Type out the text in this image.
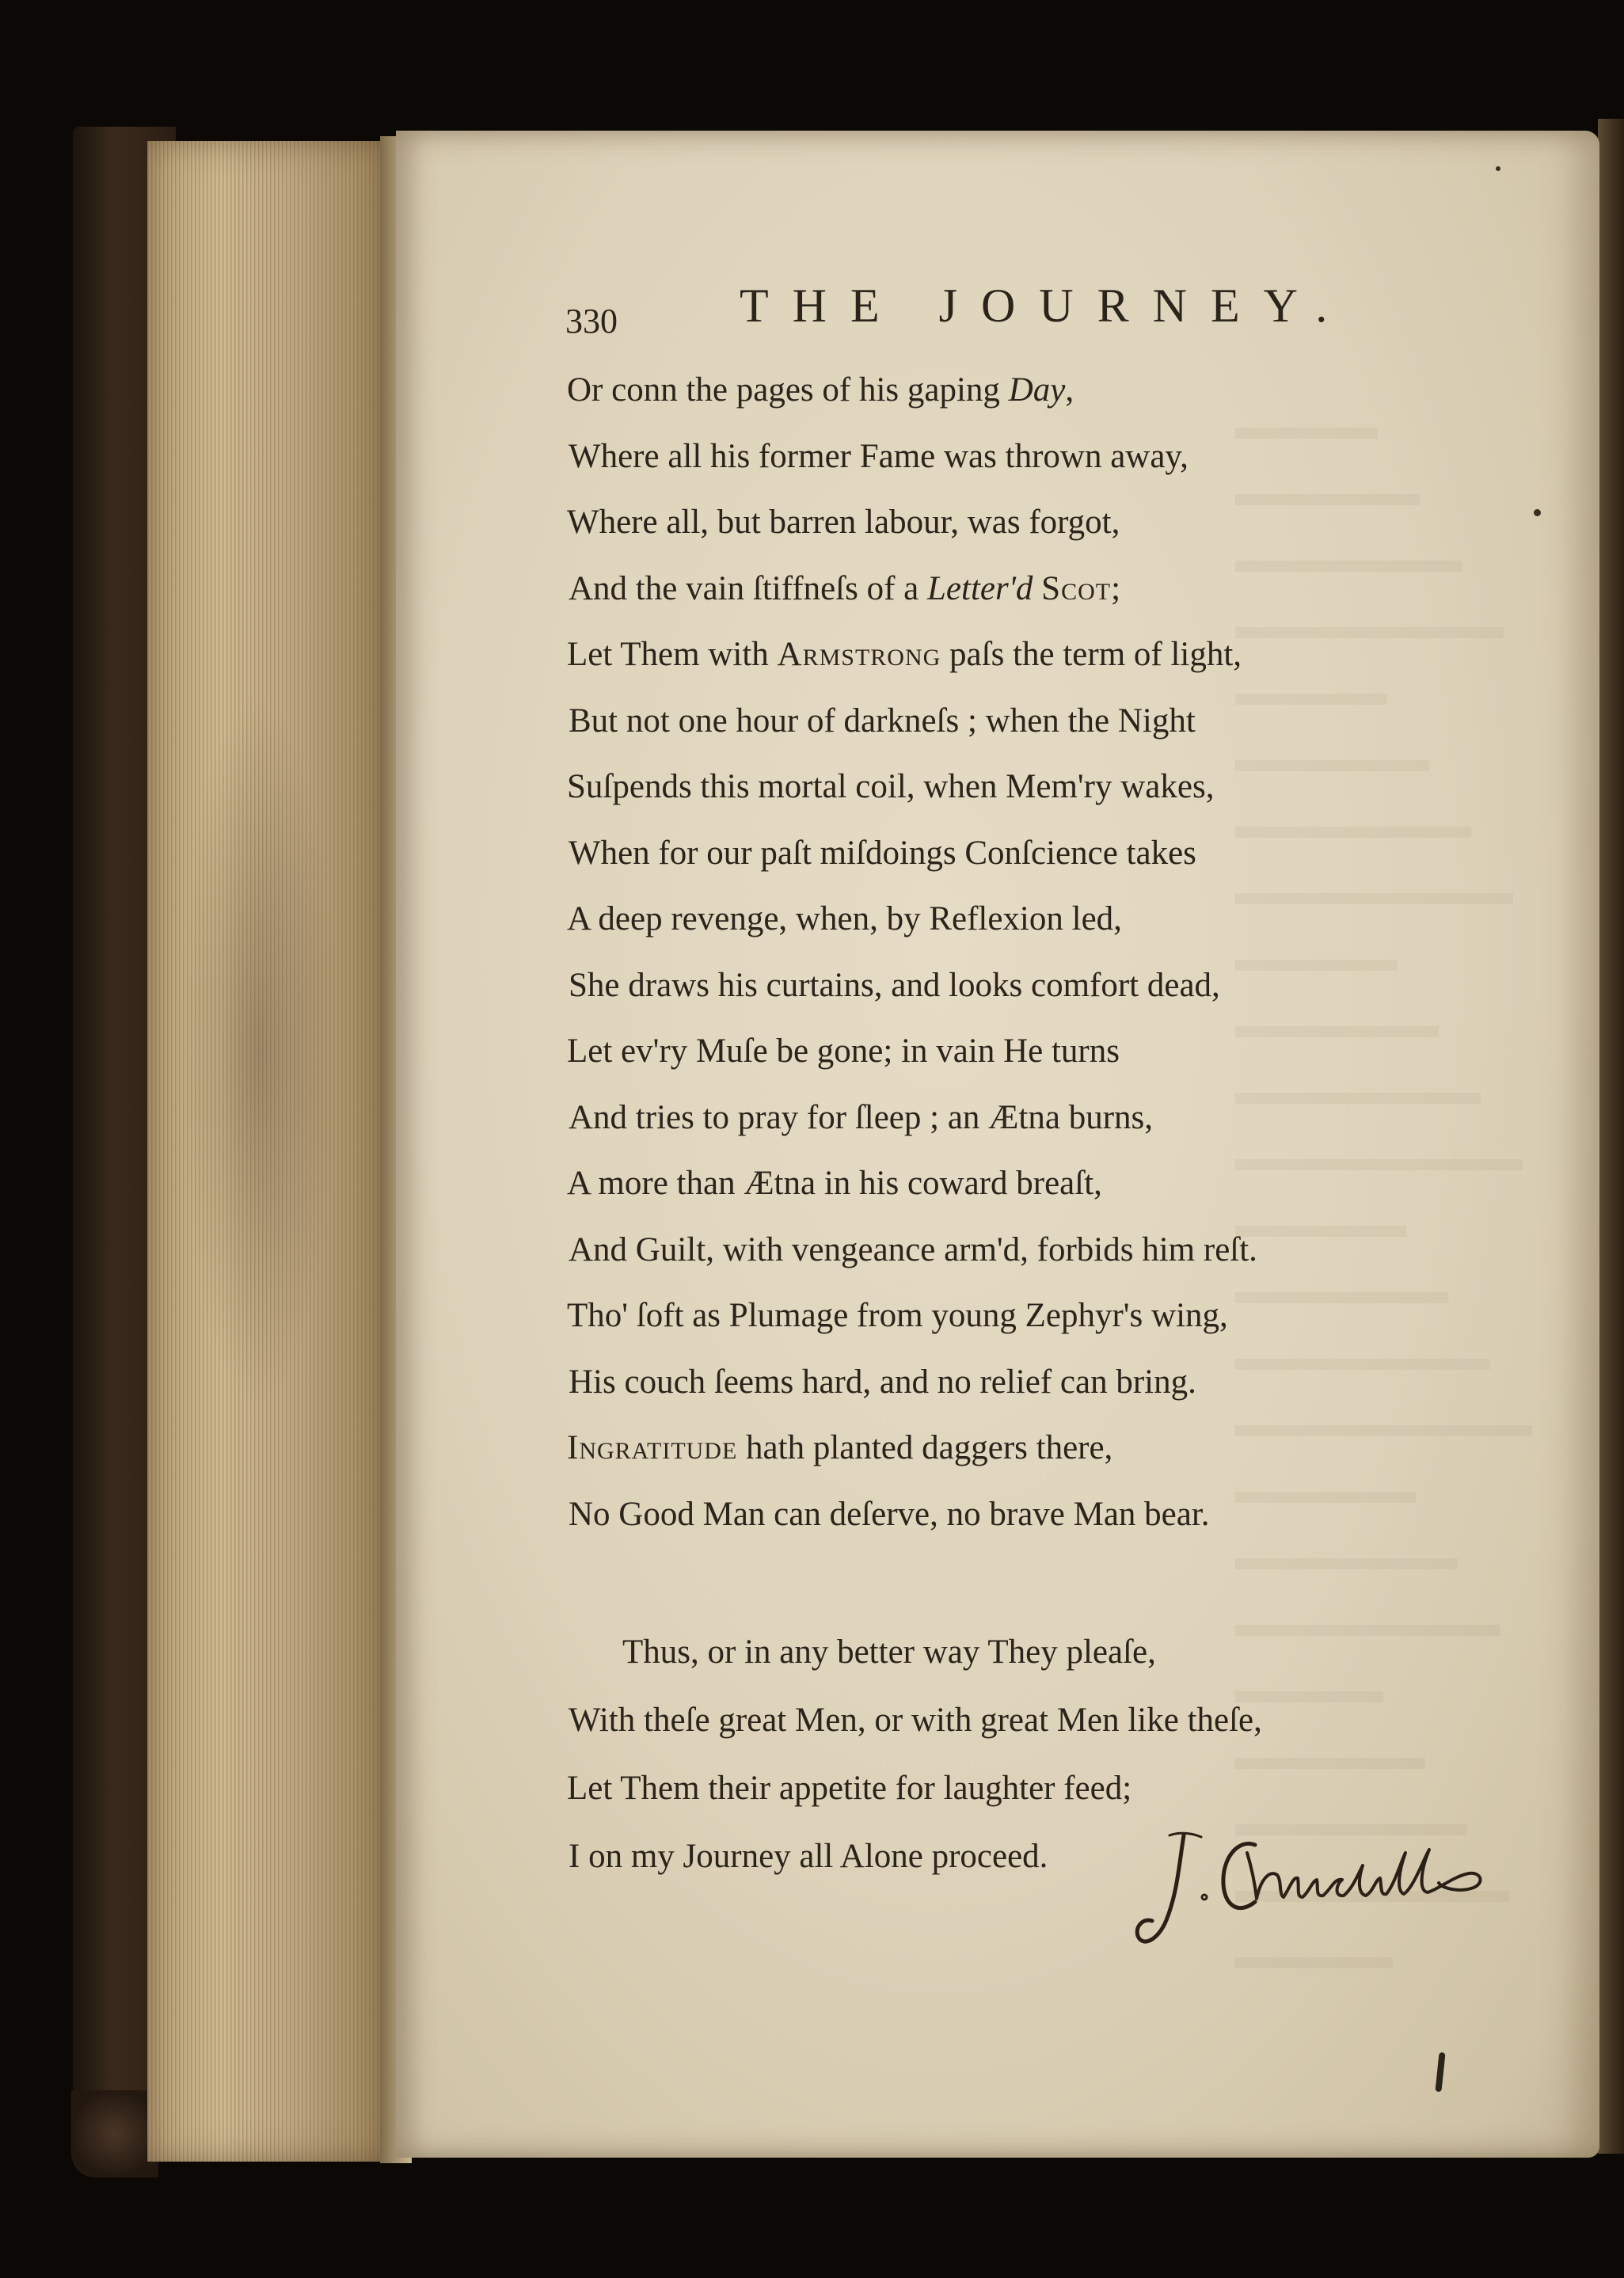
330	THE JOURNEY.
Or conn the pages of his gaping Day,
Where all his former Fame was thrown away,
Where all, but barren labour, was forgot,
And the vain ſtiffneſs of a Letter'd Scot;
Let Them with Armstrong paſs the term of light,
But not one hour of darkneſs ; when the Night
Suſpends this mortal coil, when Mem'ry wakes,
When for our paſt miſdoings Conſcience takes
A deep revenge, when, by Reflexion led,
She draws his curtains, and looks comfort dead,
Let ev'ry Muſe be gone; in vain He turns
And tries to pray for ſleep ; an Ætna burns,
A more than Ætna in his coward breaſt,
And Guilt, with vengeance arm'd, forbids him reſt.
Tho' ſoft as Plumage from young Zephyr's wing,
His couch ſeems hard, and no relief can bring.
Ingratitude hath planted daggers there,
No Good Man can deſerve, no brave Man bear.
Thus, or in any better way They pleaſe,
With theſe great Men, or with great Men like theſe,
Let Them their appetite for laughter feed;
I on my Journey all Alone proceed.
